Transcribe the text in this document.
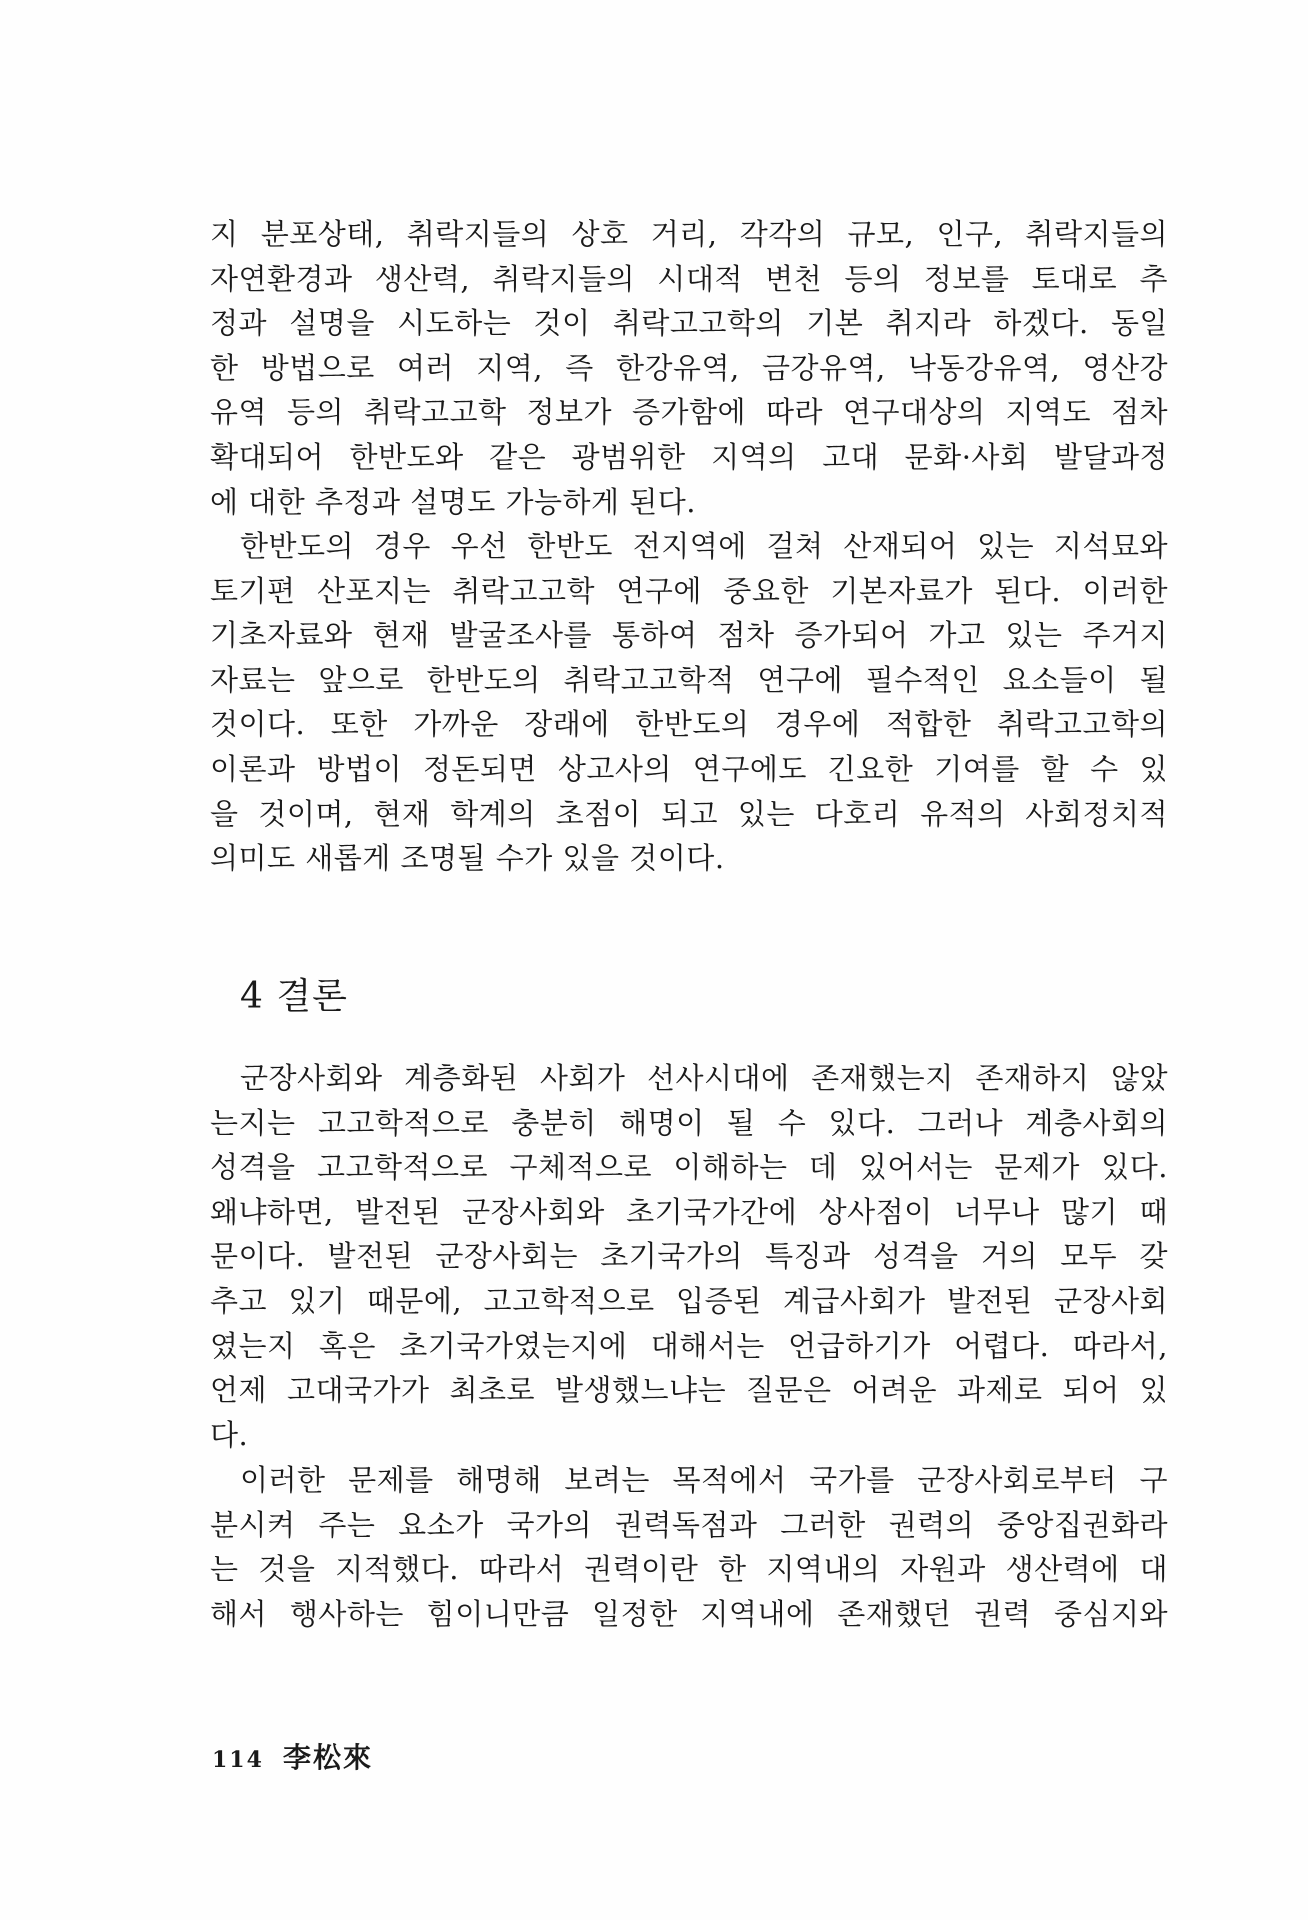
지 분포상태, 취락지들의 상호 거리, 각각의 규모, 인구, 취락지들의
자연환경과 생산력, 취락지들의 시대적 변천 등의 정보를 토대로 추
정과 설명을 시도하는 것이 취락고고학의 기본 취지라 하겠다. 동일
한 방법으로 여러 지역, 즉 한강유역, 금강유역, 낙동강유역, 영산강
유역 등의 취락고고학 정보가 증가함에 따라 연구대상의 지역도 점차
확대되어 한반도와 같은 광범위한 지역의 고대 문화·사회 발달과정
에 대한 추정과 설명도 가능하게 된다.
한반도의 경우 우선 한반도 전지역에 걸쳐 산재되어 있는 지석묘와
토기편 산포지는 취락고고학 연구에 중요한 기본자료가 된다. 이러한
기초자료와 현재 발굴조사를 통하여 점차 증가되어 가고 있는 주거지
자료는 앞으로 한반도의 취락고고학적 연구에 필수적인 요소들이 될
것이다. 또한 가까운 장래에 한반도의 경우에 적합한 취락고고학의
이론과 방법이 정돈되면 상고사의 연구에도 긴요한 기여를 할 수 있
을 것이며, 현재 학계의 초점이 되고 있는 다호리 유적의 사회정치적
의미도 새롭게 조명될 수가 있을 것이다.
4 결론
군장사회와 계층화된 사회가 선사시대에 존재했는지 존재하지 않았
는지는 고고학적으로 충분히 해명이 될 수 있다. 그러나 계층사회의
성격을 고고학적으로 구체적으로 이해하는 데 있어서는 문제가 있다.
왜냐하면, 발전된 군장사회와 초기국가간에 상사점이 너무나 많기 때
문이다. 발전된 군장사회는 초기국가의 특징과 성격을 거의 모두 갖
추고 있기 때문에, 고고학적으로 입증된 계급사회가 발전된 군장사회
였는지 혹은 초기국가였는지에 대해서는 언급하기가 어렵다. 따라서,
언제 고대국가가 최초로 발생했느냐는 질문은 어려운 과제로 되어 있
다.
이러한 문제를 해명해 보려는 목적에서 국가를 군장사회로부터 구
분시켜 주는 요소가 국가의 권력독점과 그러한 권력의 중앙집권화라
는 것을 지적했다. 따라서 권력이란 한 지역내의 자원과 생산력에 대
해서 행사하는 힘이니만큼 일정한 지역내에 존재했던 권력 중심지와
114 李松來
